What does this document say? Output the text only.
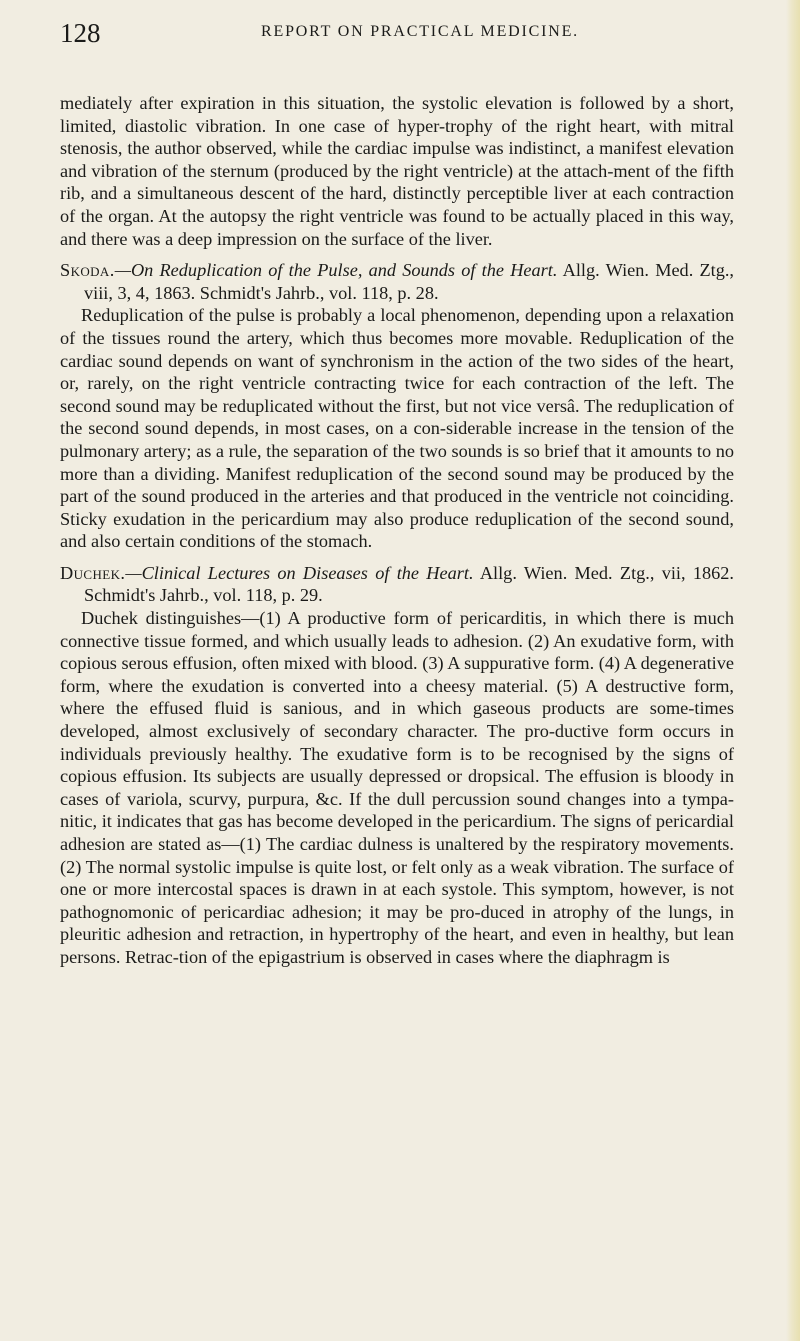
128	REPORT ON PRACTICAL MEDICINE.

mediately after expiration in this situation, the systolic elevation is followed by a short, limited, diastolic vibration. In one case of hyper-trophy of the right heart, with mitral stenosis, the author observed, while the cardiac impulse was indistinct, a manifest elevation and vibration of the sternum (produced by the right ventricle) at the attach-ment of the fifth rib, and a simultaneous descent of the hard, distinctly perceptible liver at each contraction of the organ. At the autopsy the right ventricle was found to be actually placed in this way, and there was a deep impression on the surface of the liver.

Skoda.—On Reduplication of the Pulse, and Sounds of the Heart. Allg. Wien. Med. Ztg., viii, 3, 4, 1863. Schmidt's Jahrb., vol. 118, p. 28.

Reduplication of the pulse is probably a local phenomenon, depending upon a relaxation of the tissues round the artery, which thus becomes more movable. Reduplication of the cardiac sound depends on want of synchronism in the action of the two sides of the heart, or, rarely, on the right ventricle contracting twice for each contraction of the left. The second sound may be reduplicated without the first, but not vice versâ. The reduplication of the second sound depends, in most cases, on a con-siderable increase in the tension of the pulmonary artery; as a rule, the separation of the two sounds is so brief that it amounts to no more than a dividing. Manifest reduplication of the second sound may be produced by the part of the sound produced in the arteries and that produced in the ventricle not coinciding. Sticky exudation in the pericardium may also produce reduplication of the second sound, and also certain conditions of the stomach.

Duchek.—Clinical Lectures on Diseases of the Heart. Allg. Wien. Med. Ztg., vii, 1862. Schmidt's Jahrb., vol. 118, p. 29.

Duchek distinguishes—(1) A productive form of pericarditis, in which there is much connective tissue formed, and which usually leads to adhesion. (2) An exudative form, with copious serous effusion, often mixed with blood. (3) A suppurative form. (4) A degenerative form, where the exudation is converted into a cheesy material. (5) A destructive form, where the effused fluid is sanious, and in which gaseous products are some-times developed, almost exclusively of secondary character. The pro-ductive form occurs in individuals previously healthy. The exudative form is to be recognised by the signs of copious effusion. Its subjects are usually depressed or dropsical. The effusion is bloody in cases of variola, scurvy, purpura, &c. If the dull percussion sound changes into a tympa-nitic, it indicates that gas has become developed in the pericardium. The signs of pericardial adhesion are stated as—(1) The cardiac dulness is unaltered by the respiratory movements. (2) The normal systolic impulse is quite lost, or felt only as a weak vibration. The surface of one or more intercostal spaces is drawn in at each systole. This symptom, however, is not pathognomonic of pericardiac adhesion; it may be pro-duced in atrophy of the lungs, in pleuritic adhesion and retraction, in hypertrophy of the heart, and even in healthy, but lean persons. Retrac-tion of the epigastrium is observed in cases where the diaphragm is
